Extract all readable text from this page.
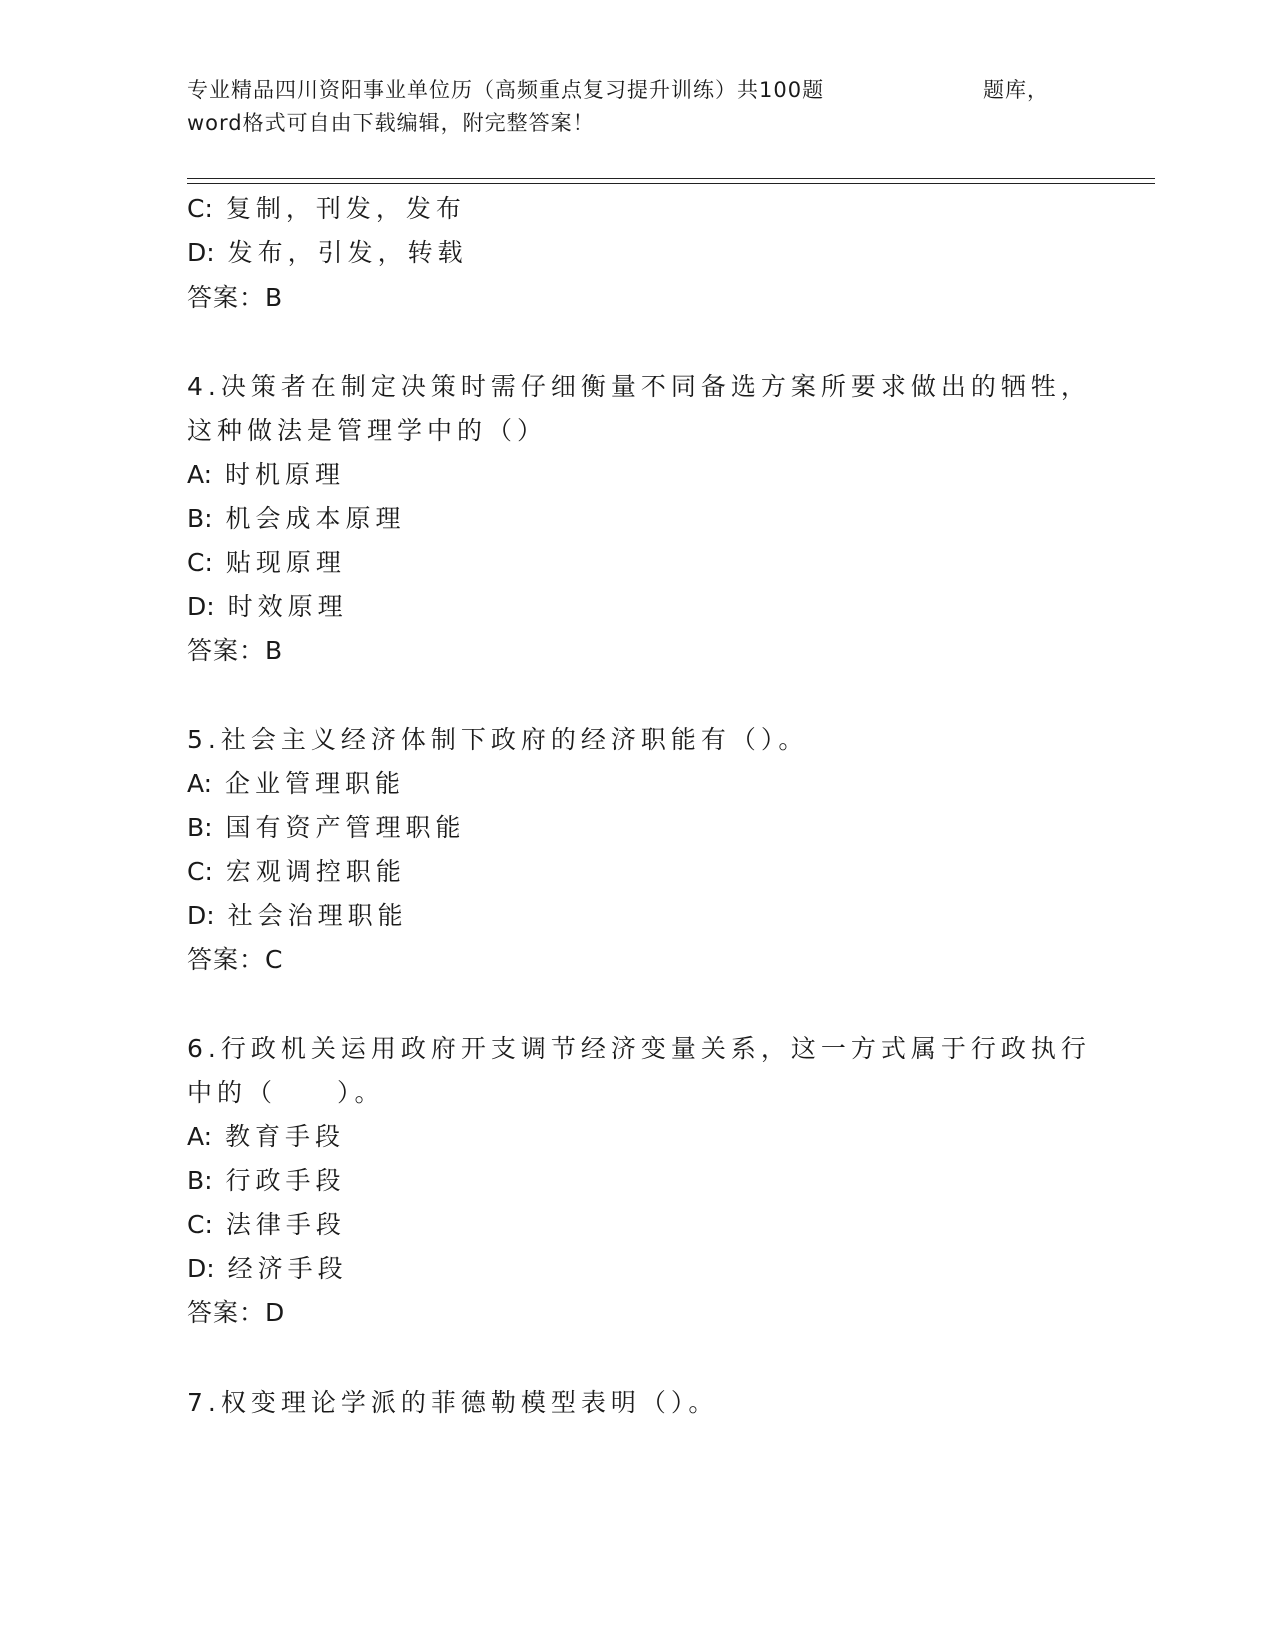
专业精品四川资阳事业单位历（高频重点复习提升训练）共100题	题库，
word格式可自由下载编辑，附完整答案！
C: 复制，刊发，发布
D: 发布，引发，转载
答案：B
4.决策者在制定决策时需仔细衡量不同备选方案所要求做出的牺牲，
这种做法是管理学中的（）
A: 时机原理
B: 机会成本原理
C: 贴现原理
D: 时效原理
答案：B
5.社会主义经济体制下政府的经济职能有（）。
A: 企业管理职能
B: 国有资产管理职能
C: 宏观调控职能
D: 社会治理职能
答案：C
6.行政机关运用政府开支调节经济变量关系，这一方式属于行政执行
中的（　　）。
A: 教育手段
B: 行政手段
C: 法律手段
D: 经济手段
答案：D
7.权变理论学派的菲德勒模型表明（）。
